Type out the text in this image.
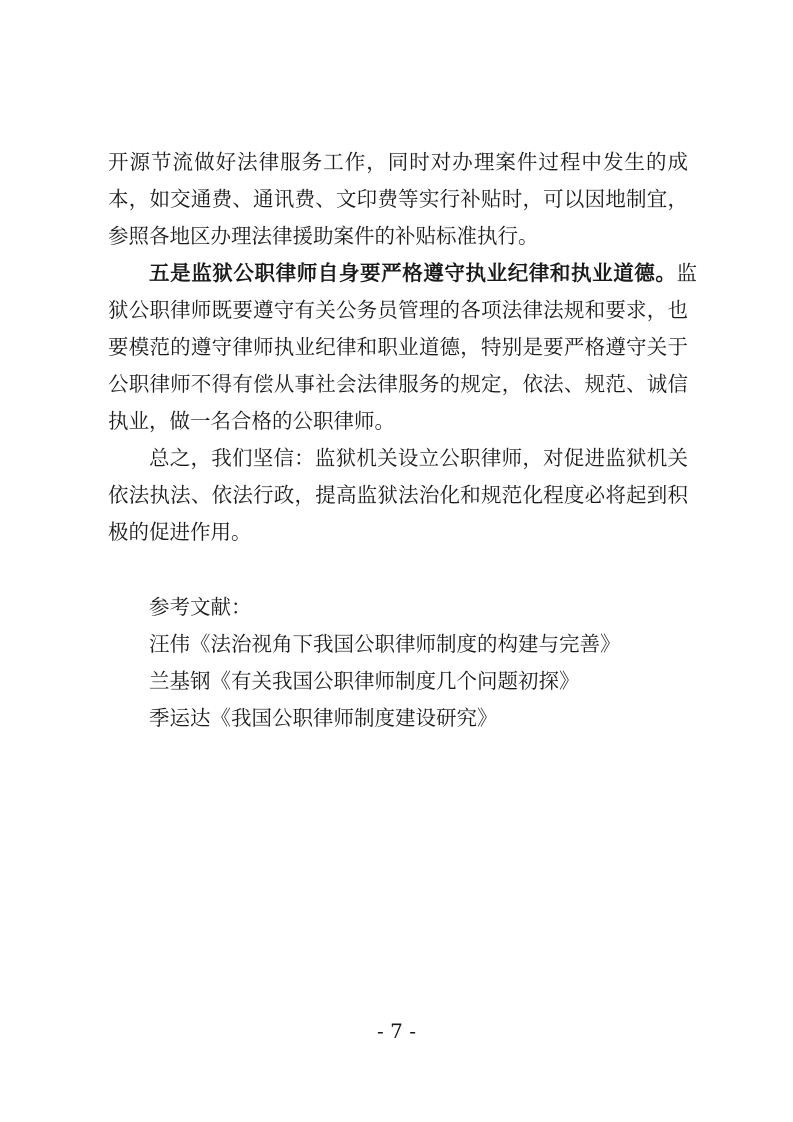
开源节流做好法律服务工作，同时对办理案件过程中发生的成
本，如交通费、通讯费、文印费等实行补贴时，可以因地制宜，
参照各地区办理法律援助案件的补贴标准执行。
五是监狱公职律师自身要严格遵守执业纪律和执业道德。 监
狱公职律师既要遵守有关公务员管理的各项法律法规和要求，也
要模范的遵守律师执业纪律和职业道德，特别是要严格遵守关于
公职律师不得有偿从事社会法律服务的规定，依法、规范、诚信
执业，做一名合格的公职律师。
总之，我们坚信：监狱机关设立公职律师，对促进监狱机关
依法执法、依法行政，提高监狱法治化和规范化程度必将起到积
极的促进作用。
参考文献：
汪伟《法治视角下我国公职律师制度的构建与完善》
兰基钢《有关我国公职律师制度几个问题初探》
季运达《我国公职律师制度建设研究》
- 7 -
